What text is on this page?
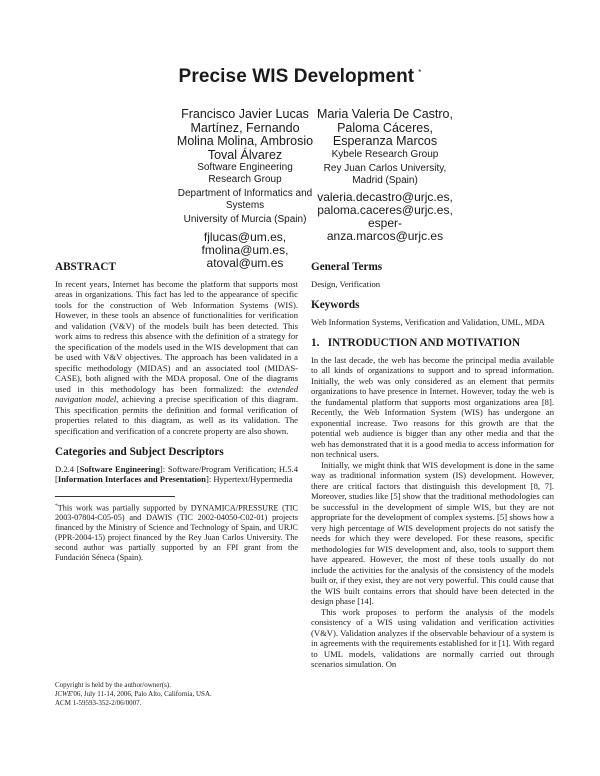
Precise WIS Development *
Francisco Javier Lucas
Martínez, Fernando
Molina Molina, Ambrosio
Toval Álvarez
Software Engineering
Research Group
Department of Informatics and
Systems
University of Murcia (Spain)
fjlucas@um.es,
fmolina@um.es,
atoval@um.es
Maria Valeria De Castro,
Paloma Cáceres,
Esperanza Marcos
Kybele Research Group
Rey Juan Carlos University,
Madrid (Spain)
valeria.decastro@urjc.es,
paloma.caceres@urjc.es,
esper-
anza.marcos@urjc.es
ABSTRACT

In recent years, Internet has become the platform that supports most areas in organizations. This fact has led to the appearance of specific tools for the construction of Web Information Systems (WIS). However, in these tools an absence of functionalities for verification and validation (V&V) of the models built has been detected. This work aims to redress this absence with the definition of a strategy for the specification of the models used in the WIS development that can be used with V&V objectives. The approach has been validated in a specific methodology (MIDAS) and an associated tool (MIDAS-CASE), both aligned with the MDA proposal. One of the diagrams used in this methodology has been formalized: the extended navigation model, achieving a precise specification of this diagram. This specification permits the definition and formal verification of properties related to this diagram, as well as its validation. The specification and verification of a concrete property are also shown.

Categories and Subject Descriptors

D.2.4 [Software Engineering]: Software/Program Verification; H.5.4 [Information Interfaces and Presentation]: Hypertext/Hypermedia

*This work was partially supported by DYNAMICA/PRESSURE (TIC 2003-07804-C05-05) and DAWIS (TIC 2002-04050-C02-01) projects financed by the Ministry of Science and Technology of Spain, and URJC (PPR-2004-15) project financed by the Rey Juan Carlos University. The second author was partially supported by an FPI grant from the Fundación Séneca (Spain).

Copyright is held by the author/owner(s).
ICWE'06, July 11-14, 2006, Palo Alto, California, USA.
ACM 1-59593-352-2/06/0007.
General Terms

Design, Verification

Keywords

Web Information Systems, Verification and Validation, UML, MDA

1.   INTRODUCTION AND MOTIVATION

In the last decade, the web has become the principal media available to all kinds of organizations to support and to spread information. Initially, the web was only considered as an element that permits organizations to have presence in Internet. However, today the web is the fundamental platform that supports most organizations area [8]. Recently, the Web Information System (WIS) has undergone an exponential increase. Two reasons for this growth are that the potential web audience is bigger than any other media and that the web has demonstrated that it is a good media to access information for non technical users.

Initially, we might think that WIS development is done in the same way as traditional information system (IS) development. However, there are critical factors that distinguish this development [8, 7]. Moreover, studies like [5] show that the traditional methodologies can be successful in the development of simple WIS, but they are not appropriate for the development of complex systems. [5] shows how a very high percentage of WIS development projects do not satisfy the needs for which they were developed. For these reasons, specific methodologies for WIS development and, also, tools to support them have appeared. However, the most of these tools usually do not include the activities for the analysis of the consistency of the models built or, if they exist, they are not very powerful. This could cause that the WIS built contains errors that should have been detected in the design phase [14].

This work proposes to perform the analysis of the models consistency of a WIS using validation and verification activities (V&V). Validation analyzes if the observable behaviour of a system is in agreements with the requirements established for it [1]. With regard to UML models, validations are normally carried out through scenarios simulation. On
